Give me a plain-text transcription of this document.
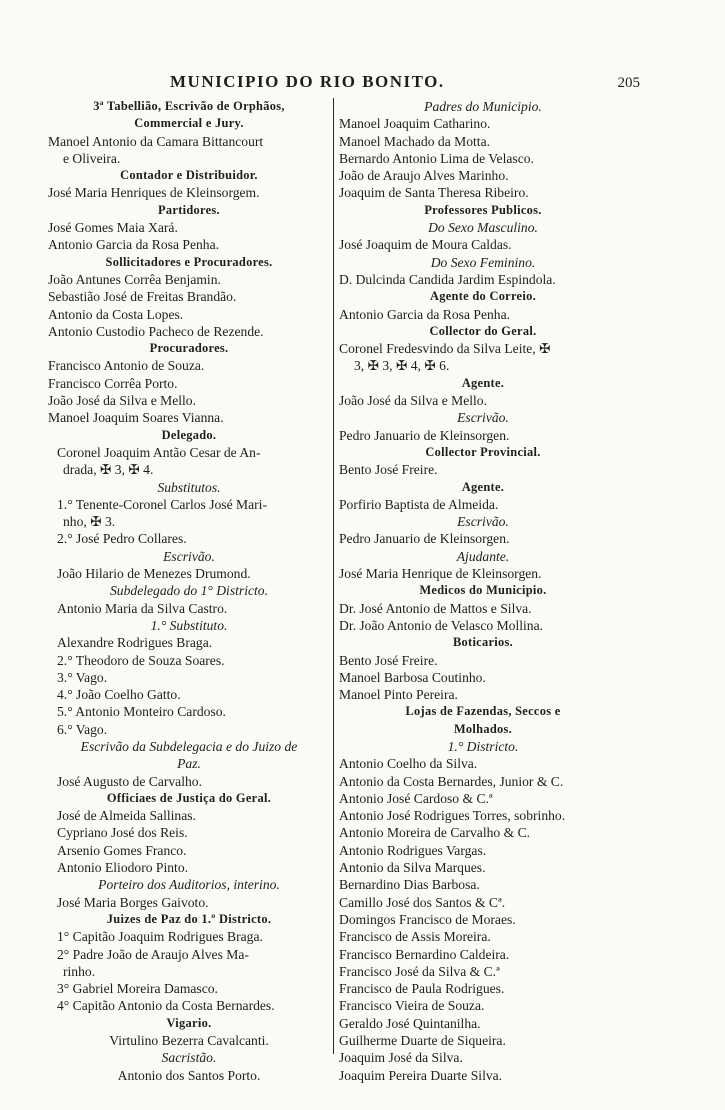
MUNICIPIO DO RIO BONITO.	205
3ª Tabellião, Escrivão de Orphãos,
Commercial e Jury.
Manoel Antonio da Camara Bittancourt
e Oliveira.
Contador e Distribuidor.
José Maria Henriques de Kleinsorgem.
Partidores.
José Gomes Maia Xará.
Antonio Garcia da Rosa Penha.
Sollicitadores e Procuradores.
João Antunes Corrêa Benjamin.
Sebastião José de Freitas Brandão.
Antonio da Costa Lopes.
Antonio Custodio Pacheco de Rezende.
Procuradores.
Francisco Antonio de Souza.
Francisco Corrêa Porto.
João José da Silva e Mello.
Manoel Joaquim Soares Vianna.
Delegado.
Coronel Joaquim Antão Cesar de An-
drada, ✠ 3, ✠ 4.
Substitutos.
1.° Tenente-Coronel Carlos José Mari-
nho, ✠ 3.
2.° José Pedro Collares.
Escrivão.
João Hilario de Menezes Drumond.
Subdelegado do 1° Districto.
Antonio Maria da Silva Castro.
1.° Substituto.
Alexandre Rodrigues Braga.
2.° Theodoro de Souza Soares.
3.° Vago.
4.° João Coelho Gatto.
5.° Antonio Monteiro Cardoso.
6.° Vago.
Escrivão da Subdelegacia e do Juizo de
Paz.
José Augusto de Carvalho.
Officiaes de Justiça do Geral.
José de Almeida Sallinas.
Cypriano José dos Reis.
Arsenio Gomes Franco.
Antonio Eliodoro Pinto.
Porteiro dos Auditorios, interino.
José Maria Borges Gaivoto.
Juizes de Paz do 1.º Districto.
1° Capitão Joaquim Rodrigues Braga.
2° Padre João de Araujo Alves Ma-
rinho.
3° Gabriel Moreira Damasco.
4° Capitão Antonio da Costa Bernardes.
Vigario.
Virtulino Bezerra Cavalcanti.
Sacristão.
Antonio dos Santos Porto.
Padres do Municipio.
Manoel Joaquim Catharino.
Manoel Machado da Motta.
Bernardo Antonio Lima de Velasco.
João de Araujo Alves Marinho.
Joaquim de Santa Theresa Ribeiro.
Professores Publicos.
Do Sexo Masculino.
José Joaquim de Moura Caldas.
Do Sexo Feminino.
D. Dulcinda Candida Jardim Espindola.
Agente do Correio.
Antonio Garcia da Rosa Penha.
Collector do Geral.
Coronel Fredesvindo da Silva Leite, ✠
3, ✠ 3, ✠ 4, ✠ 6.
Agente.
João José da Silva e Mello.
Escrivão.
Pedro Januario de Kleinsorgen.
Collector Provincial.
Bento José Freire.
Agente.
Porfirio Baptista de Almeida.
Escrivão.
Pedro Januario de Kleinsorgen.
Ajudante.
José Maria Henrique de Kleinsorgen.
Medicos do Municipio.
Dr. José Antonio de Mattos e Silva.
Dr. João Antonio de Velasco Mollina.
Boticarios.
Bento José Freire.
Manoel Barbosa Coutinho.
Manoel Pinto Pereira.
Lojas de Fazendas, Seccos e
Molhados.
1.° Districto.
Antonio Coelho da Silva.
Antonio da Costa Bernardes, Junior & C.
Antonio José Cardoso & C.ª
Antonio José Rodrigues Torres, sobrinho.
Antonio Moreira de Carvalho & C.
Antonio Rodrigues Vargas.
Antonio da Silva Marques.
Bernardino Dias Barbosa.
Camillo José dos Santos & Cª.
Domingos Francisco de Moraes.
Francisco de Assis Moreira.
Francisco Bernardino Caldeira.
Francisco José da Silva & C.ª
Francisco de Paula Rodrigues.
Francisco Vieira de Souza.
Geraldo José Quintanilha.
Guilherme Duarte de Siqueira.
Joaquim José da Silva.
Joaquim Pereira Duarte Silva.
